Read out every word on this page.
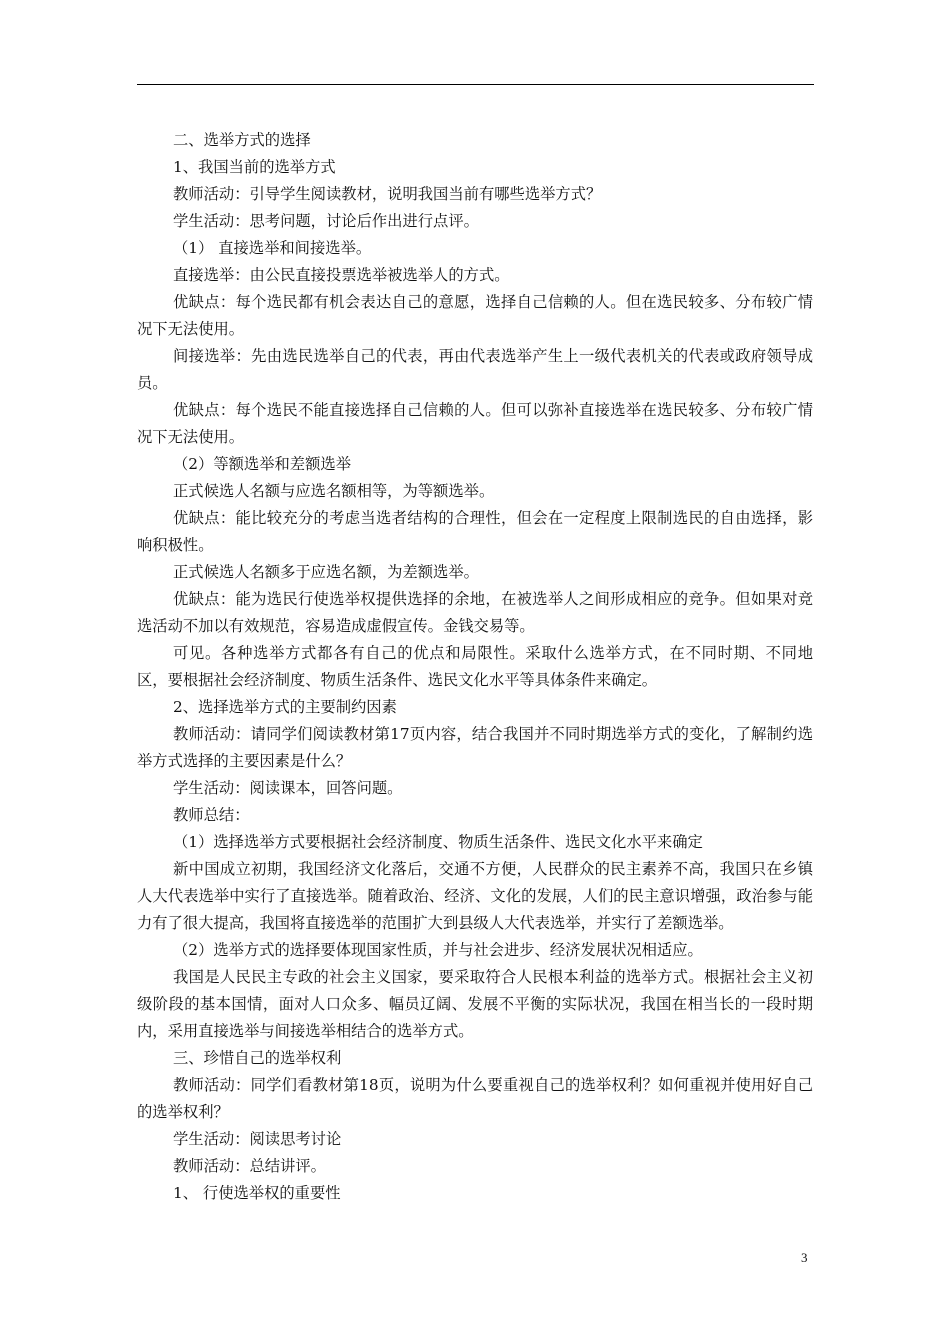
二、选举方式的选择

1、我国当前的选举方式

教师活动：引导学生阅读教材，说明我国当前有哪些选举方式？

学生活动：思考问题，讨论后作出进行点评。

（1） 直接选举和间接选举。

直接选举：由公民直接投票选举被选举人的方式。

优缺点：每个选民都有机会表达自己的意愿，选择自己信赖的人。但在选民较多、分布较广情况下无法使用。

间接选举：先由选民选举自己的代表，再由代表选举产生上一级代表机关的代表或政府领导成员。

优缺点：每个选民不能直接选择自己信赖的人。但可以弥补直接选举在选民较多、分布较广情况下无法使用。

（2）等额选举和差额选举

正式候选人名额与应选名额相等，为等额选举。

优缺点：能比较充分的考虑当选者结构的合理性，但会在一定程度上限制选民的自由选择，影响积极性。

正式候选人名额多于应选名额，为差额选举。

优缺点：能为选民行使选举权提供选择的余地，在被选举人之间形成相应的竞争。但如果对竞选活动不加以有效规范，容易造成虚假宣传。金钱交易等。

可见。各种选举方式都各有自己的优点和局限性。采取什么选举方式，在不同时期、不同地区，要根据社会经济制度、物质生活条件、选民文化水平等具体条件来确定。

2、选择选举方式的主要制约因素

教师活动：请同学们阅读教材第17页内容，结合我国并不同时期选举方式的变化，了解制约选举方式选择的主要因素是什么？

学生活动：阅读课本，回答问题。

教师总结：

（1）选择选举方式要根据社会经济制度、物质生活条件、选民文化水平来确定

新中国成立初期，我国经济文化落后，交通不方便，人民群众的民主素养不高，我国只在乡镇人大代表选举中实行了直接选举。随着政治、经济、文化的发展，人们的民主意识增强，政治参与能力有了很大提高，我国将直接选举的范围扩大到县级人大代表选举，并实行了差额选举。

（2）选举方式的选择要体现国家性质，并与社会进步、经济发展状况相适应。

我国是人民民主专政的社会主义国家，要采取符合人民根本利益的选举方式。根据社会主义初级阶段的基本国情，面对人口众多、幅员辽阔、发展不平衡的实际状况，我国在相当长的一段时期内，采用直接选举与间接选举相结合的选举方式。

三、珍惜自己的选举权利

教师活动：同学们看教材第18页，说明为什么要重视自己的选举权利？如何重视并使用好自己的选举权利？

学生活动：阅读思考讨论

教师活动：总结讲评。

1、 行使选举权的重要性

3
